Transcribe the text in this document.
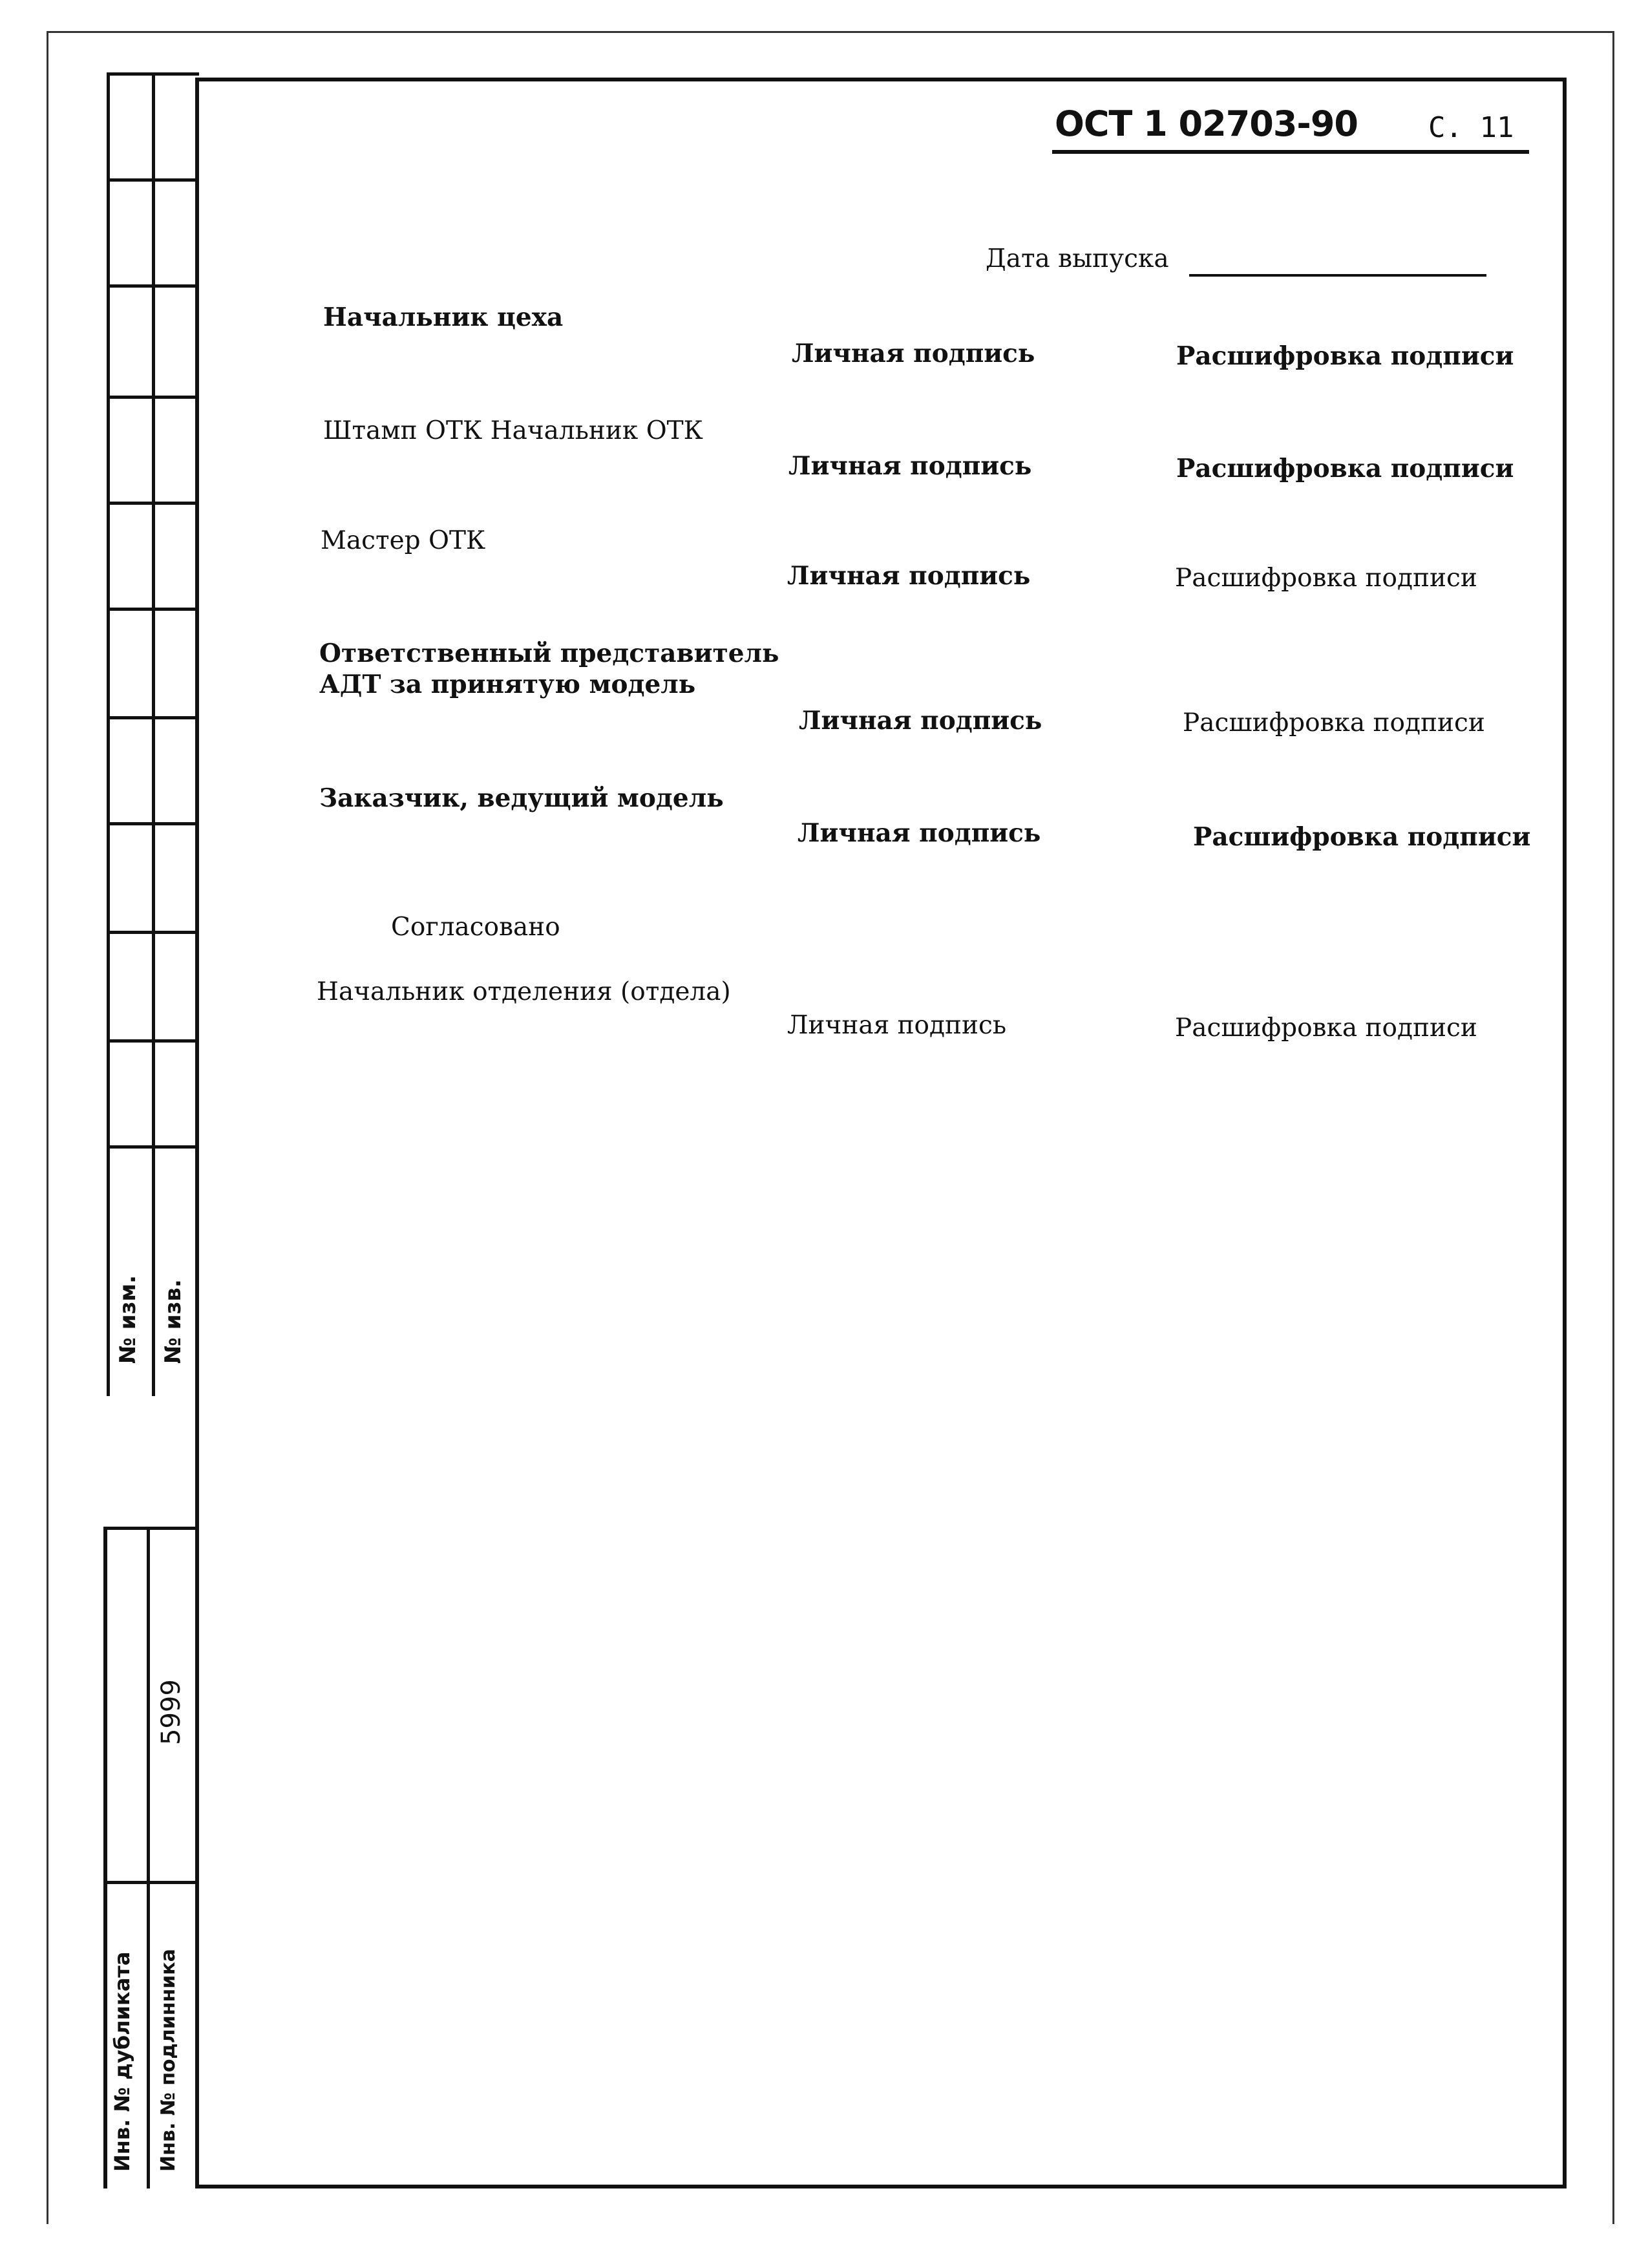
№ изм. № изв.
Инв. № дубликата Инв. № подлинника
5999
ОСТ 1 02703-90 С. 11
Дата выпуска
Начальник цеха
Личная подпись	Расшифровка подписи
Штамп ОТК Начальник ОТК
Личная подпись	Расшифровка подписи
Мастер ОТК
Личная подпись	Расшифровка подписи
Ответственный представитель
АДТ за принятую модель
Личная подпись	Расшифровка подписи
Заказчик, ведущий модель
Личная подпись	Расшифровка подписи
Согласовано
Начальник отделения (отдела)
Личная подпись	Расшифровка подписи
